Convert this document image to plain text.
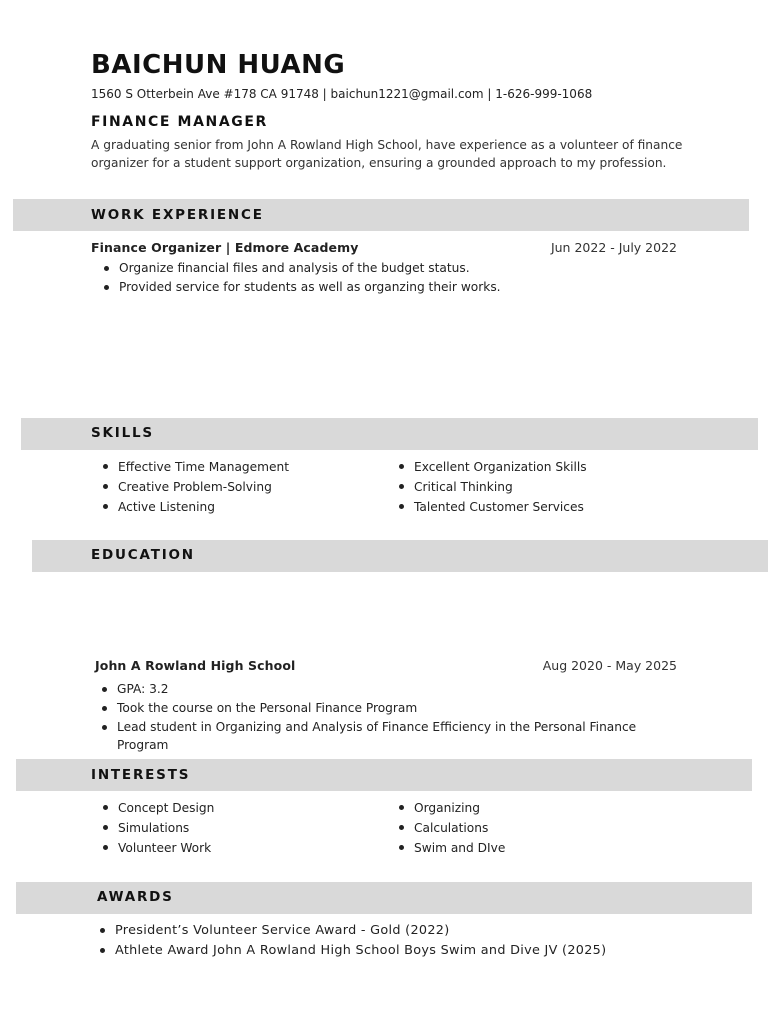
BAICHUN HUANG
1560 S Otterbein Ave #178 CA 91748 | baichun1221@gmail.com | 1-626-999-1068
FINANCE MANAGER
A graduating senior from John A Rowland High School, have experience as a volunteer of finance organizer for a student support organization, ensuring a grounded approach to my profession.
WORK EXPERIENCE
Finance Organizer | Edmore Academy	Jun 2022 - July 2022
Organize financial files and analysis of the budget status.
Provided service for students as well as organzing their works.
SKILLS
Effective Time Management
Creative Problem-Solving
Active Listening
Excellent Organization Skills
Critical Thinking
Talented Customer Services
EDUCATION
John A Rowland High School	Aug 2020 - May 2025
GPA: 3.2
Took the course on the Personal Finance Program
Lead student in Organizing and Analysis of Finance Efficiency in the Personal Finance Program
INTERESTS
Concept Design
Simulations
Volunteer Work
Organizing
Calculations
Swim and DIve
AWARDS
President’s Volunteer Service Award - Gold (2022)
Athlete Award John A Rowland High School Boys Swim and Dive JV (2025)
